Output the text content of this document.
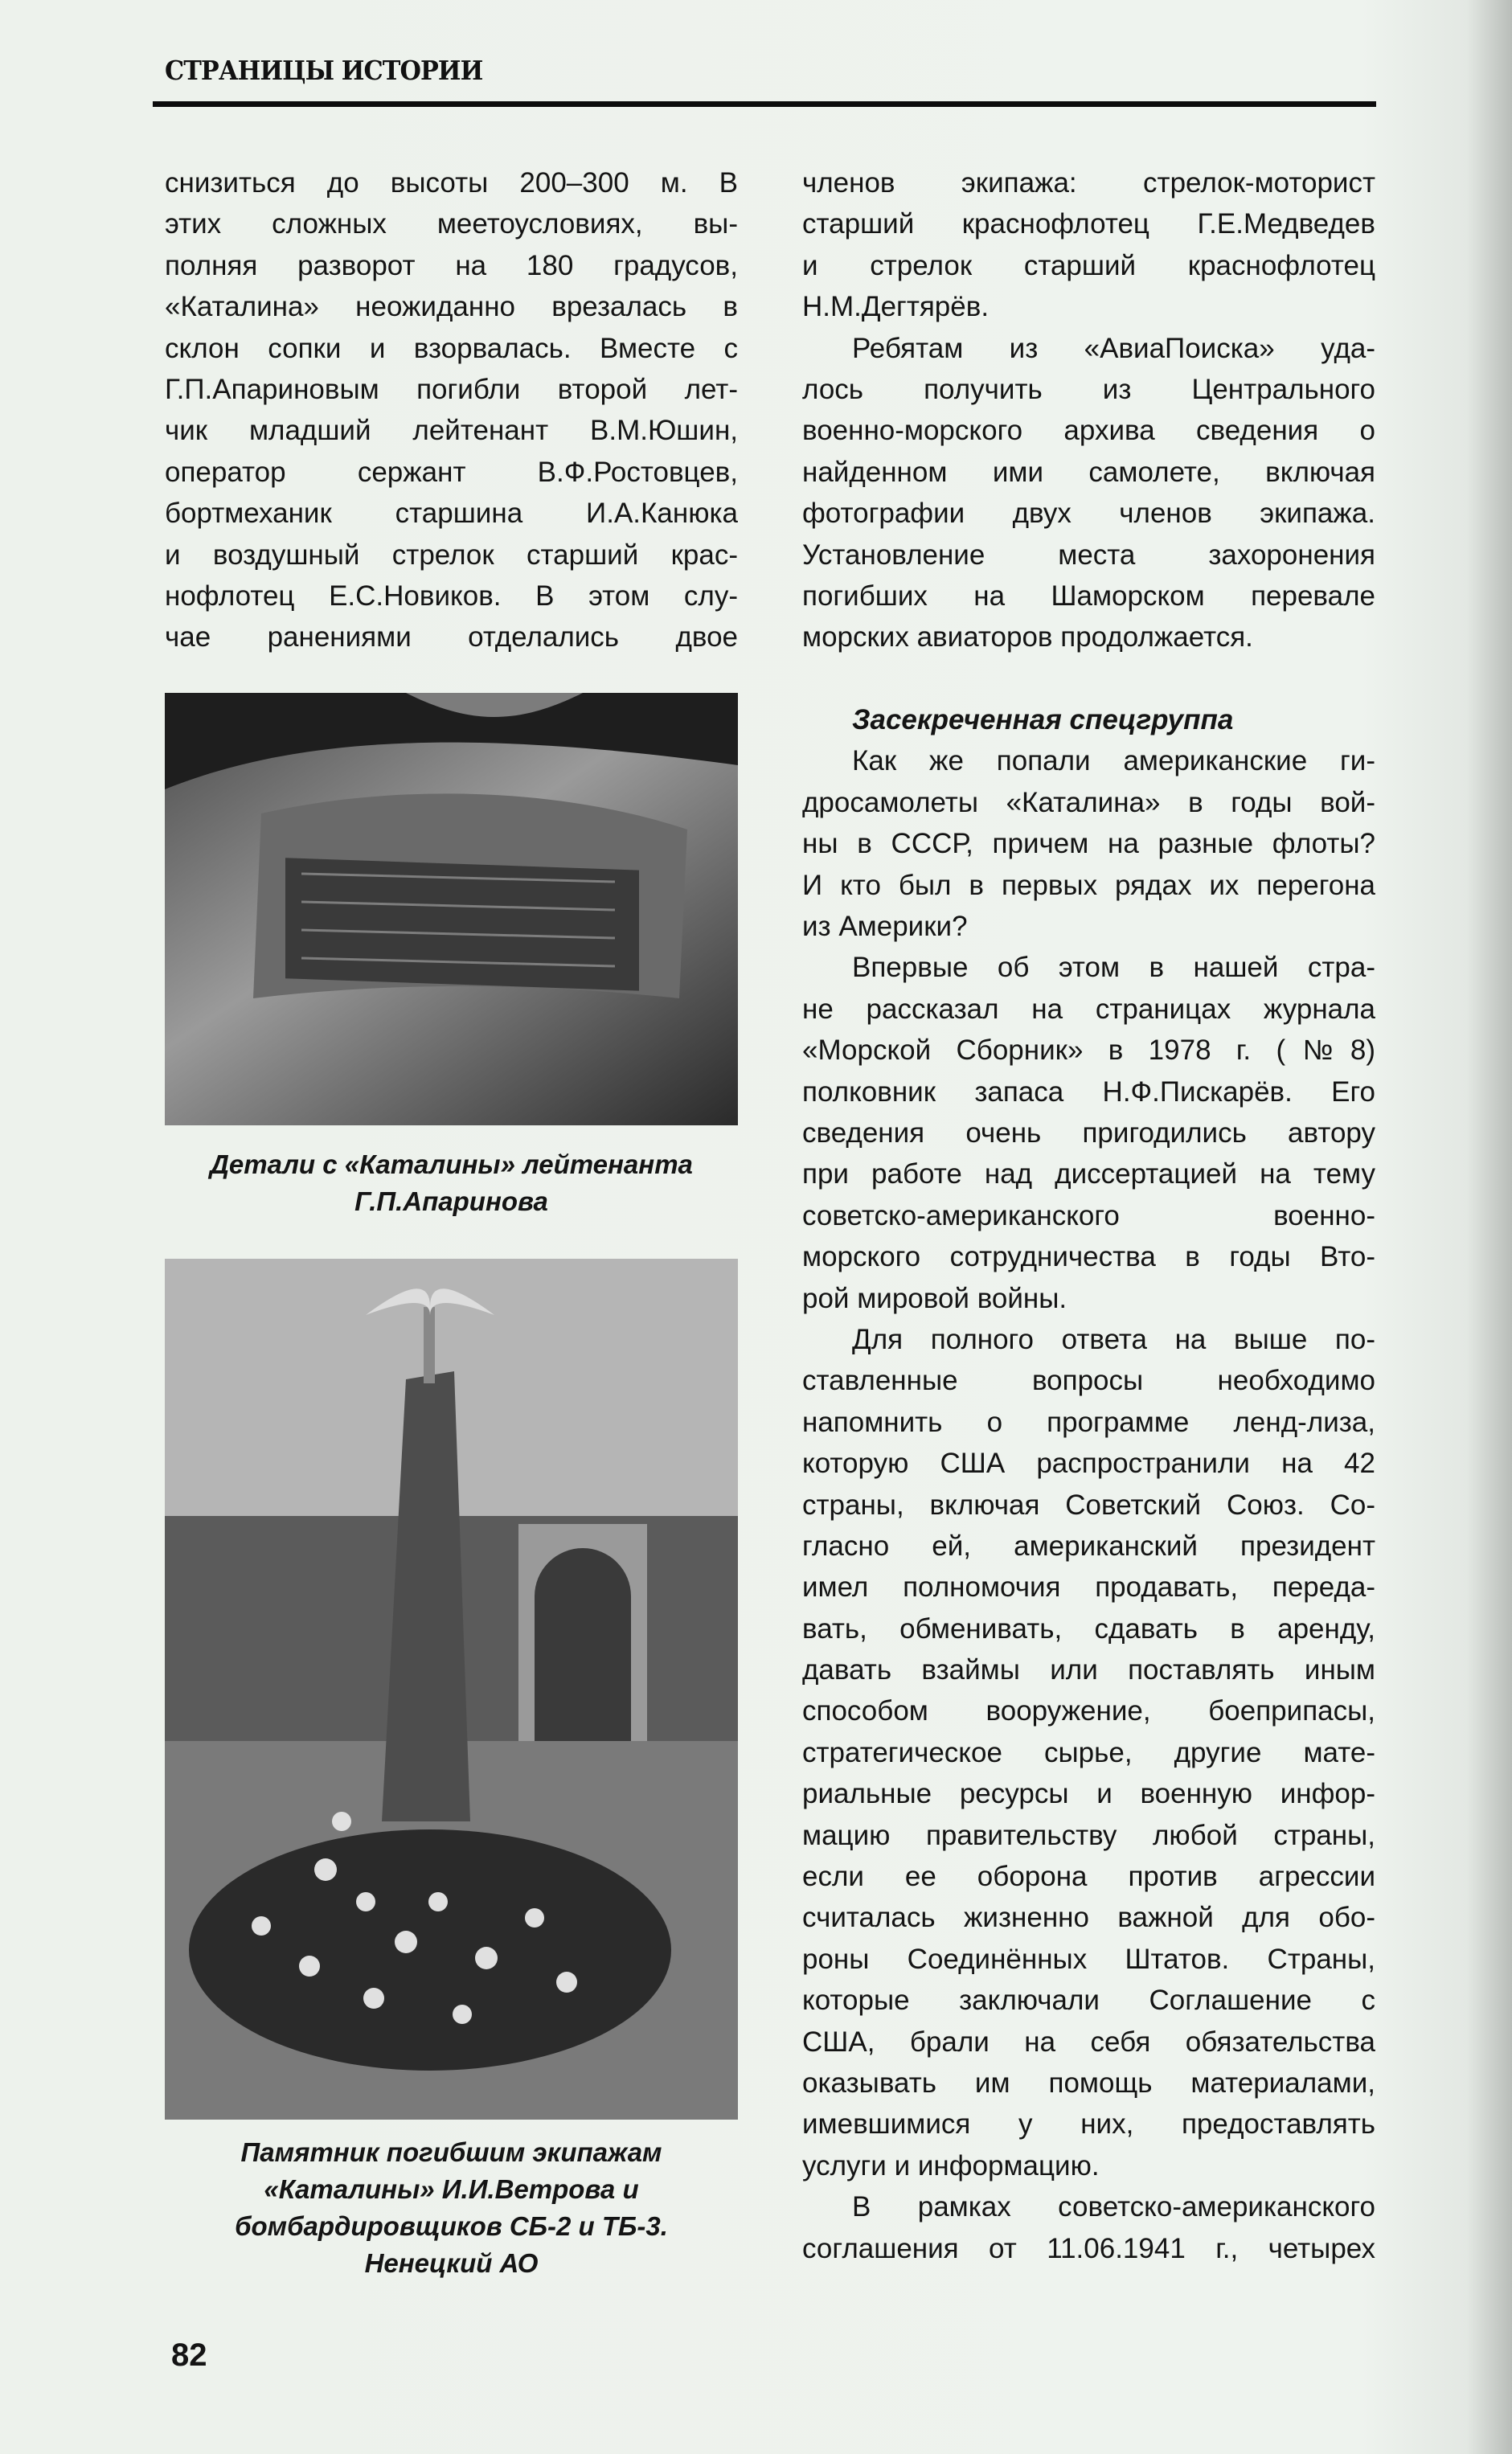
СТРАНИЦЫ ИСТОРИИ
снизиться до высоты 200–300 м. В
этих сложных меетоусловиях, вы-
полняя разворот на 180 градусов,
«Каталина» неожиданно врезалась в
склон сопки и взорвалась. Вместе с
Г.П.Апариновым погибли второй лет-
чик младший лейтенант В.М.Юшин,
оператор сержант В.Ф.Ростовцев,
бортмеханик старшина И.А.Канюка
и воздушный стрелок старший крас-
нофлотец Е.С.Новиков. В этом слу-
чае ранениями отделались двое
членов экипажа: стрелок-моторист
старший краснофлотец Г.Е.Медведев
и стрелок старший краснофлотец
Н.М.Дегтярёв.
Ребятам из «АвиаПоиска» уда-
лось получить из Центрального
военно-морского архива сведения о
найденном ими самолете, включая
фотографии двух членов экипажа.
Установление места захоронения
погибших на Шаморском перевале
морских авиаторов продолжается.
Засекреченная спецгруппа
Как же попали американские ги-
дросамолеты «Каталина» в годы вой-
ны в СССР, причем на разные флоты?
И кто был в первых рядах их перегона
из Америки?
Впервые об этом в нашей стра-
не рассказал на страницах журнала
«Морской Сборник» в 1978 г. (№8)
полковник запаса Н.Ф.Пискарёв. Его
сведения очень пригодились автору
при работе над диссертацией на тему
советско-американского военно-
морского сотрудничества в годы Вто-
рой мировой войны.
Для полного ответа на выше по-
ставленные вопросы необходимо
напомнить о программе ленд-лиза,
которую США распространили на 42
страны, включая Советский Союз. Со-
гласно ей, американский президент
имел полномочия продавать, переда-
вать, обменивать, сдавать в аренду,
давать взаймы или поставлять иным
способом вооружение, боеприпасы,
стратегическое сырье, другие мате-
риальные ресурсы и военную инфор-
мацию правительству любой страны,
если ее оборона против агрессии
считалась жизненно важной для обо-
роны Соединённых Штатов. Страны,
которые заключали Соглашение с
США, брали на себя обязательства
оказывать им помощь материалами,
имевшимися у них, предоставлять
услуги и информацию.
В рамках советско-американского
соглашения от 11.06.1941 г., четырех
Детали с «Каталины» лейтенанта
Г.П.Апаринова
Памятник погибшим экипажам
«Каталины» И.И.Ветрова и
бомбардировщиков СБ-2 и ТБ-3.
Ненецкий АО
82
